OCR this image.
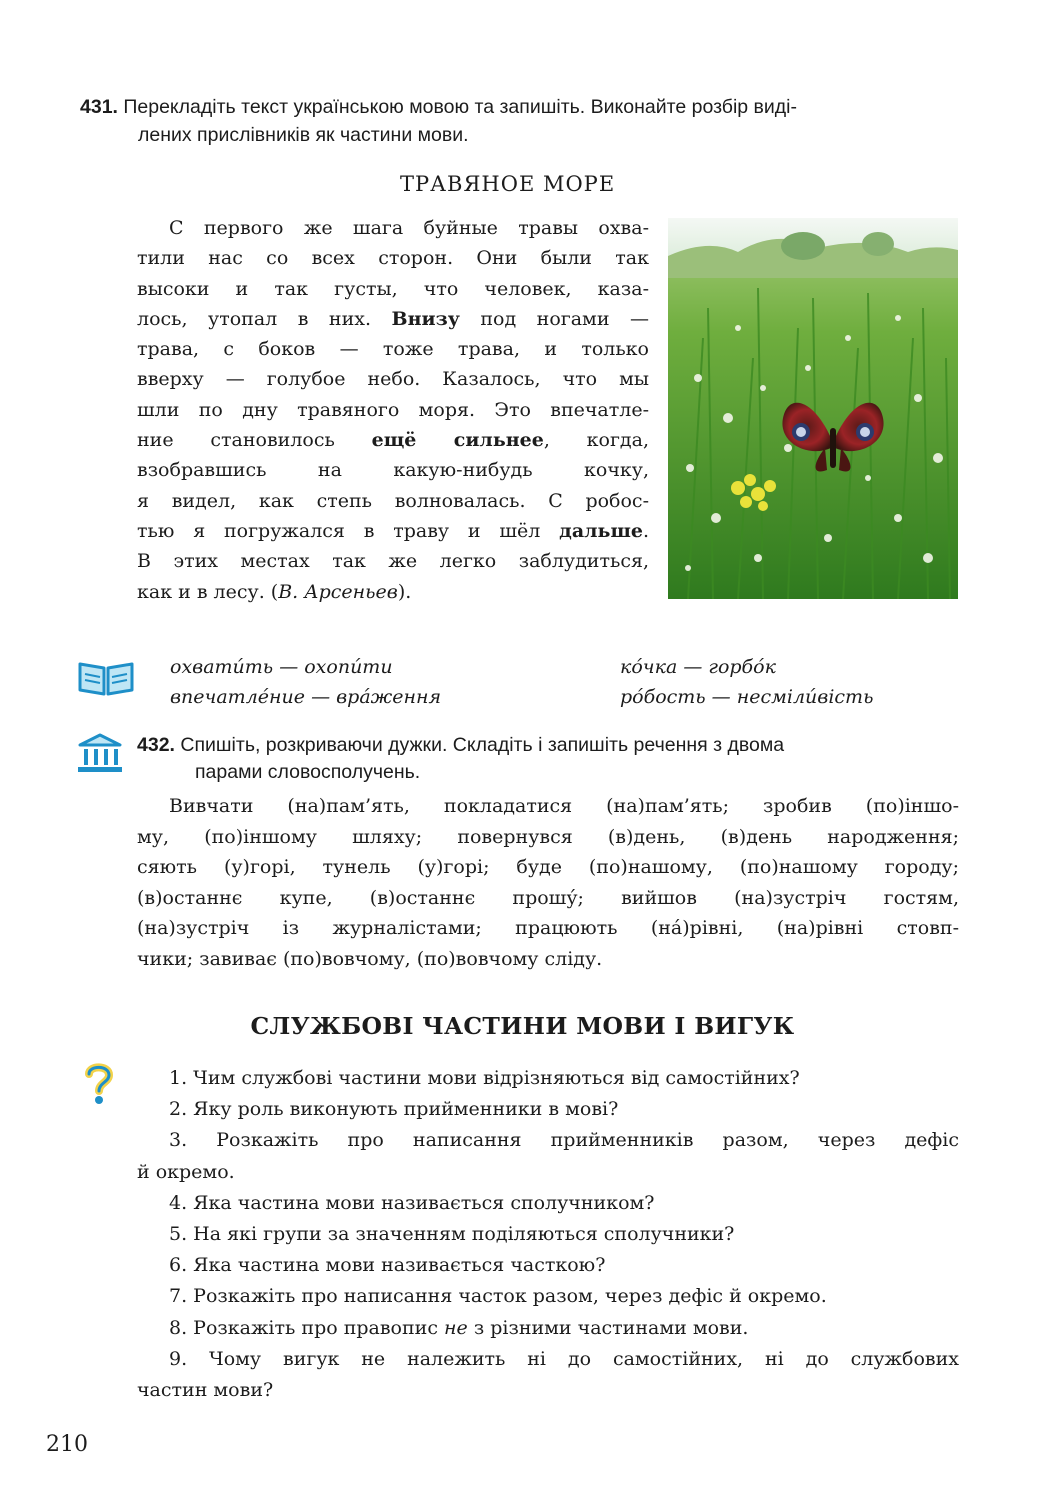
431. Перекладіть текст українською мовою та запишіть. Виконайте розбір виді-
лених прислівників як частини мови.
ТРАВЯНОЕ МОРЕ
С первого же шага буйные травы охва-
тили нас со всех сторон. Они были так
высоки и так густы, что человек, каза-
лось, утопал в них. Внизу под ногами —
трава, с боков — тоже трава, и только
вверху — голубое небо. Казалось, что мы
шли по дну травяного моря. Это впечатле-
ние становилось ещё сильнее, когда,
взобравшись на какую-нибудь кочку,
я видел, как степь волновалась. С робос-
тью я погружался в траву и шёл дальше.
В этих местах так же легко заблудиться,
как и в лесу. (В. Арсеньев).
охвати́ть — охопи́ти
впечатле́ние — вра́ження
ко́чка — горбо́к
ро́бость — несміли́вість
432. Спишіть, розкриваючи дужки. Складіть і запишіть речення з двома
парами словосполучень.
Вивчати (на)пам’ять, покладатися (на)пам’ять; зробив (по)іншо-
му, (по)іншому шляху; повернувся (в)день, (в)день народження;
сяють (у)горі, тунель (у)горі; буде (по)нашому, (по)нашому городу;
(в)останнє купе, (в)останнє прошу́; вийшов (на)зустріч гостям,
(на)зустріч із журналістами; працюють (на́)рівні, (на)рівні стовп-
чики; завиває (по)вовчому, (по)вовчому сліду.
СЛУЖБОВІ ЧАСТИНИ МОВИ І ВИГУК
1. Чим службові частини мови відрізняються від самостійних?
2. Яку роль виконують прийменники в мові?
3. Розкажіть про написання прийменників разом, через дефіс
й окремо.
4. Яка частина мови називається сполучником?
5. На які групи за значенням поділяються сполучники?
6. Яка частина мови називається часткою?
7. Розкажіть про написання часток разом, через дефіс й окремо.
8. Розкажіть про правопис не з різними частинами мови.
9. Чому вигук не належить ні до самостійних, ні до службових
частин мови?
210
